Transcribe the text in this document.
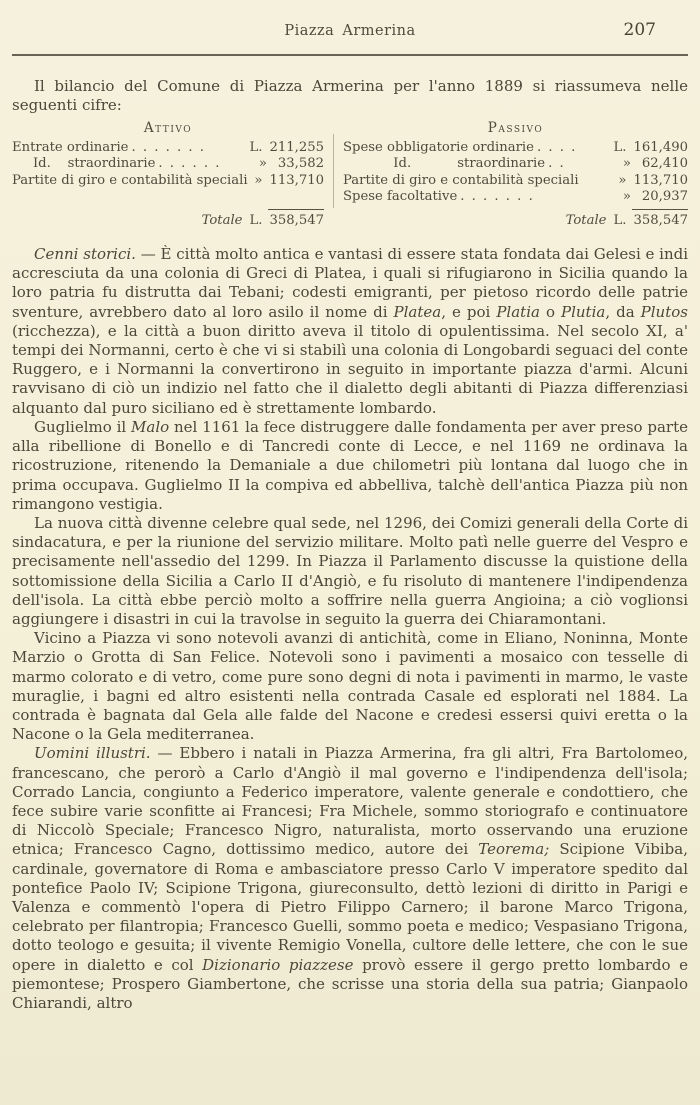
Piazza Armerina	207

Il bilancio del Comune di Piazza Armerina per l'anno 1889 si riassumeva nelle seguenti cifre:

Attivo
Entrate ordinarie . . . . . . .	L. 211,255
Id.    straordinarie . . . . . .	» 33,582
Partite di giro e contabilità speciali » 113,710
Totale L. 358,547
Passivo
Spese obbligatorie ordinarie . . . .	L. 161,490
Id.           straordinarie . .	» 62,410
Partite di giro e contabilità speciali	» 113,710
Spese facoltative . . . . . . .	» 20,937
Totale L. 358,547

Cenni storici. — È città molto antica e vantasi di essere stata fondata dai Gelesi e indi accresciuta da una colonia di Greci di Platea, i quali si rifugiarono in Sicilia quando la loro patria fu distrutta dai Tebani; codesti emigranti, per pietoso ricordo delle patrie sventure, avrebbero dato al loro asilo il nome di Platea, e poi Platia o Plutia, da Plutos (ricchezza), e la città a buon diritto aveva il titolo di opulentissima. Nel secolo XI, a' tempi dei Normanni, certo è che vi si stabilì una colonia di Longobardi seguaci del conte Ruggero, e i Normanni la convertirono in seguito in importante piazza d'armi. Alcuni ravvisano di ciò un indizio nel fatto che il dialetto degli abitanti di Piazza differenziasi alquanto dal puro siciliano ed è strettamente lombardo.

Guglielmo il Malo nel 1161 la fece distruggere dalle fondamenta per aver preso parte alla ribellione di Bonello e di Tancredi conte di Lecce, e nel 1169 ne ordinava la ricostruzione, ritenendo la Demaniale a due chilometri più lontana dal luogo che in prima occupava. Guglielmo II la compiva ed abbelliva, talchè dell'antica Piazza più non rimangono vestigia.

La nuova città divenne celebre qual sede, nel 1296, dei Comizi generali della Corte di sindacatura, e per la riunione del servizio militare. Molto patì nelle guerre del Vespro e precisamente nell'assedio del 1299. In Piazza il Parlamento discusse la quistione della sottomissione della Sicilia a Carlo II d'Angiò, e fu risoluto di mantenere l'indipendenza dell'isola. La città ebbe perciò molto a soffrire nella guerra Angioina; a ciò voglionsi aggiungere i disastri in cui la travolse in seguito la guerra dei Chiaramontani.

Vicino a Piazza vi sono notevoli avanzi di antichità, come in Eliano, Noninna, Monte Marzio o Grotta di San Felice. Notevoli sono i pavimenti a mosaico con tesselle di marmo colorato e di vetro, come pure sono degni di nota i pavimenti in marmo, le vaste muraglie, i bagni ed altro esistenti nella contrada Casale ed esplorati nel 1884. La contrada è bagnata dal Gela alle falde del Nacone e credesi essersi quivi eretta o la Nacone o la Gela mediterranea.

Uomini illustri. — Ebbero i natali in Piazza Armerina, fra gli altri, Fra Bartolomeo, francescano, che perorò a Carlo d'Angiò il mal governo e l'indipendenza dell'isola; Corrado Lancia, congiunto a Federico imperatore, valente generale e condottiero, che fece subire varie sconfitte ai Francesi; Fra Michele, sommo storiografo e continuatore di Niccolò Speciale; Francesco Nigro, naturalista, morto osservando una eruzione etnica; Francesco Cagno, dottissimo medico, autore dei Teorema; Scipione Vibiba, cardinale, governatore di Roma e ambasciatore presso Carlo V imperatore spedito dal pontefice Paolo IV; Scipione Trigona, giureconsulto, dettò lezioni di diritto in Parigi e Valenza e commentò l'opera di Pietro Filippo Carnero; il barone Marco Trigona, celebrato per filantropia; Francesco Guelli, sommo poeta e medico; Vespasiano Trigona, dotto teologo e gesuita; il vivente Remigio Vonella, cultore delle lettere, che con le sue opere in dialetto e col Dizionario piazzese provò essere il gergo pretto lombardo e piemontese; Prospero Giambertone, che scrisse una storia della sua patria; Gianpaolo Chiarandi, altro
